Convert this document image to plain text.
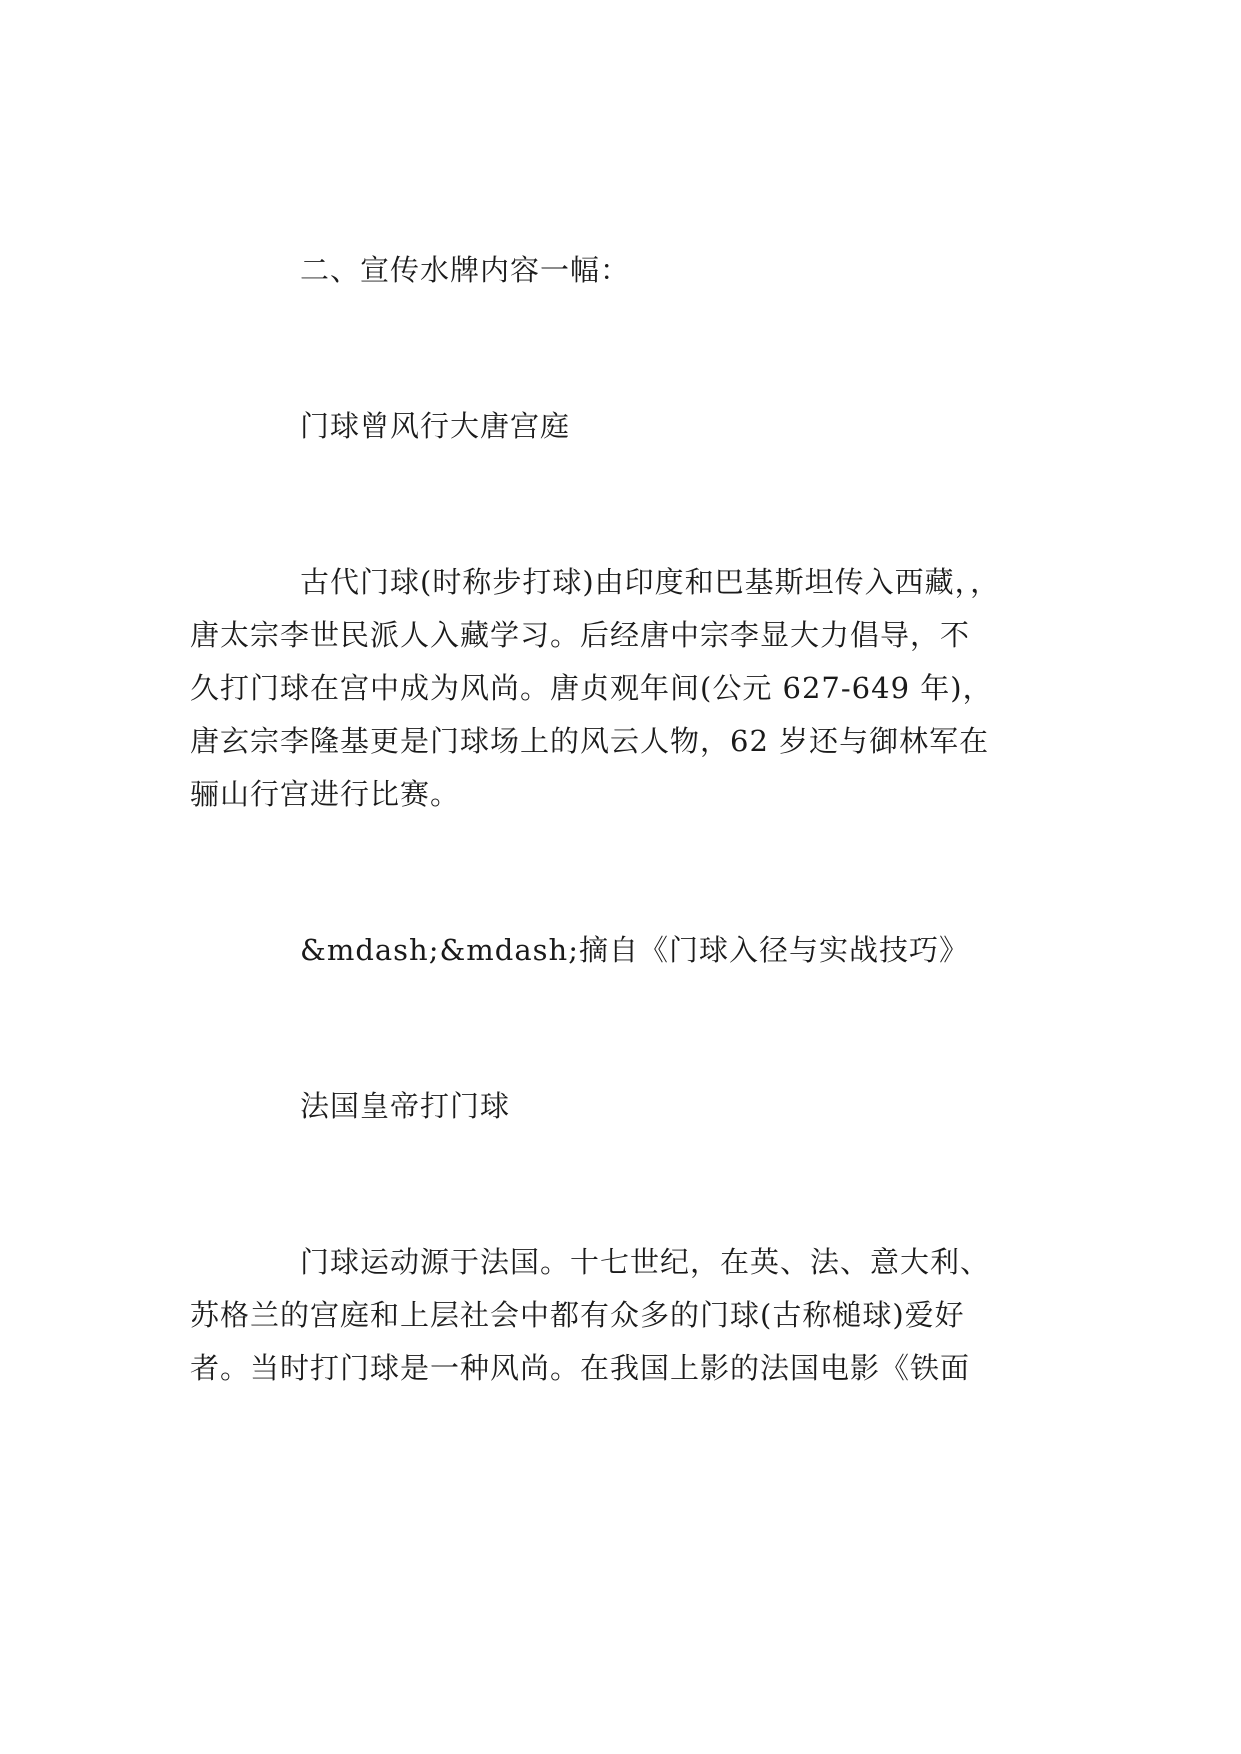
二、宣传水牌内容一幅：
门球曾风行大唐宫庭
古代门球(时称步打球)由印度和巴基斯坦传入西藏，，
唐太宗李世民派人入藏学习。后经唐中宗李显大力倡导，不
久打门球在宫中成为风尚。唐贞观年间(公元 627-649 年)，
唐玄宗李隆基更是门球场上的风云人物，62 岁还与御林军在
骊山行宫进行比赛。
&mdash;&mdash;摘自《门球入径与实战技巧》
法国皇帝打门球
门球运动源于法国。十七世纪，在英、法、意大利、
苏格兰的宫庭和上层社会中都有众多的门球(古称槌球)爱好
者。当时打门球是一种风尚。在我国上影的法国电影《铁面
